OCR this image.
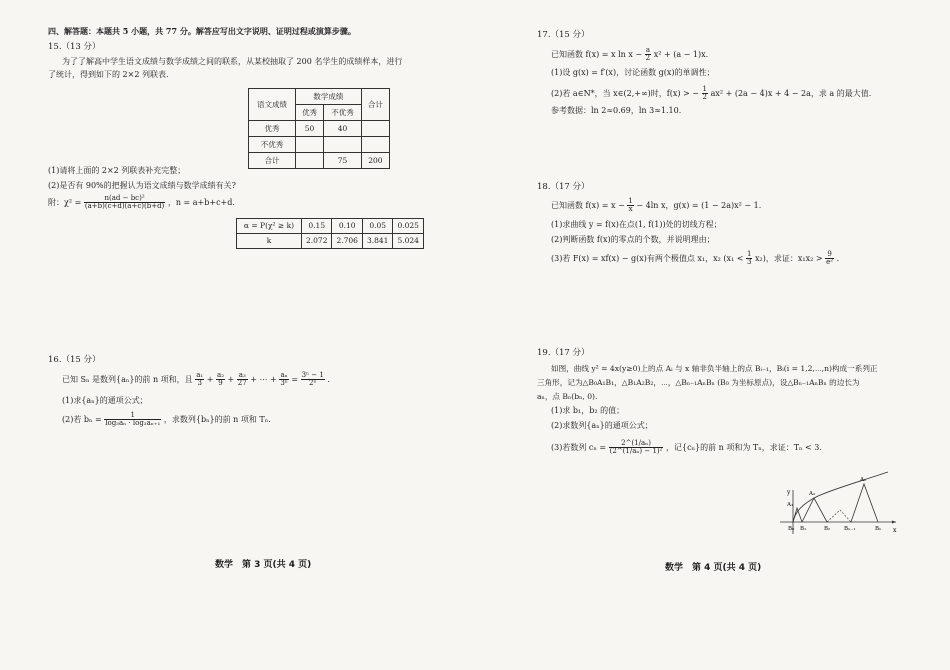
四、解答题：本题共 5 小题，共 77 分。解答应写出文字说明、证明过程或演算步骤。
15.（13 分）
为了了解高中学生语文成绩与数学成绩之间的联系，从某校抽取了 200 名学生的成绩样本，进行
了统计，得到如下的 2×2 列联表.
语文成绩	数学成绩		合计
	优秀	不优秀	
优秀	50	40	
不优秀			
合计		75	200
(1)请将上面的 2×2 列联表补充完整；
(2)是否有 90%的把握认为语文成绩与数学成绩有关?
附：$\chi^2 = \frac{\text{n(ad − bc)²}}{(a+b)(c+d)(a+c)(b+d)}$ ，n = a+b+c+d.
α = P(χ² ≥ k)	0.15	0.10	0.05	0.025
k	2.072	2.706	3.841	5.024
16.（15 分）
已知 Sₙ 是数列{aₙ}的前 n 项和，且 $\frac{\text{a₁}}{3} + \frac{\text{a₂}}{9} + \frac{\text{a₃}}{27}$ + ⋯ + $\frac{\text{aₙ}}{\text{3ⁿ}} = \frac{\text{3ⁿ − 1}}{\text{2ⁿ}}$ .
(1)求{aₙ}的通项公式；
(2)若 $b_n = \frac{1}{\text{log₃aₙ · log₃aₙ₊₁}}$ ，求数列{bₙ}的前 n 项和 Tₙ.
数学　第 3 页(共 4 页)
17.（15 分）
已知函数 f(x) = x $\ln x - \frac{a}{2} x^2 + (a - 1)x$.
(1)设 g(x) = f′(x)，讨论函数 g(x)的单调性；
(2)若 a∈N*，当 x∈(2,+∞)时，f(x) > − $\frac{1}{2} ax^2 + (2a - 4)x + 4 - 2a$，求 a 的最大值.
参考数据：ln 2≈0.69，ln 3≈1.10.
18.（17 分）
已知函数 $f(x) = x - \frac{1}{x} - 4\ln$ x，g(x) = (1 − 2a)x² − 1.
(1)求曲线 y = f(x)在点(1, f(1))处的切线方程；
(2)判断函数 f(x)的零点的个数，并说明理由；
(3)若 F(x) = xf(x) − g(x)有两个极值点 x₁，x₂ $(x_1 < \frac{1}{3} x_2)$，求证：$x_1x_2 > \frac{9}{\text{e²}}$ .
19.（17 分）
如图，曲线 y² = 4x(y≥0)上的点 Aᵢ 与 x 轴非负半轴上的点 Bᵢ₋₁，Bᵢ(i = 1,2,⋯,n)构成一系列正
三角形，记为△B₀A₁B₁，△B₁A₂B₂，⋯，△Bₙ₋₁AₙBₙ (B₀ 为坐标原点)，设△Bₙ₋₁AₙBₙ 的边长为
aₙ，点 Bₙ(bₙ, 0).
(1)求 b₁，b₂ 的值；
(2)求数列{aₙ}的通项公式；
(3)若数列 $c_n = \frac{\text{2\textasciicircum{}(1/aₙ)}}{\text{(2\textasciicircum{}(1/aₙ) − 1)²}}$ ，记{cₙ}的前 n 项和为 Tₙ，求证：Tₙ < 3.
y
x
A₁
A₂
Aₙ
B₀ B₁	B₂	Bₙ₋₁	Bₙ
数学　第 4 页(共 4 页)
